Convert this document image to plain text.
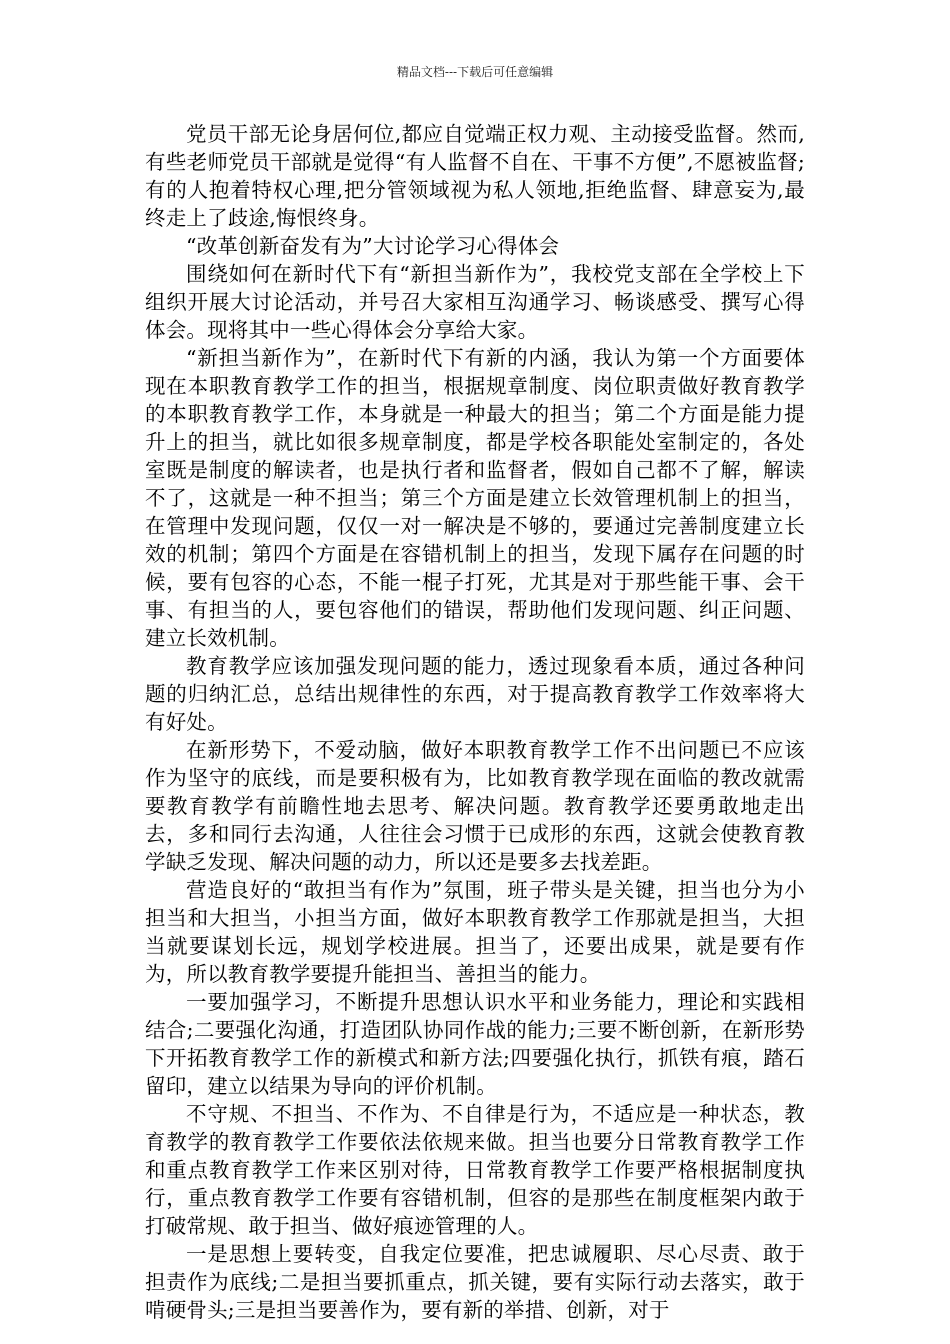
精品文档---下载后可任意编辑

党员干部无论身居何位,都应自觉端正权力观、主动接受监督。然而,有些老师党员干部就是觉得“有人监督不自在、干事不方便”,不愿被监督;有的人抱着特权心理,把分管领域视为私人领地,拒绝监督、肆意妄为,最终走上了歧途,悔恨终身。

“改革创新奋发有为”大讨论学习心得体会

围绕如何在新时代下有“新担当新作为”，我校党支部在全学校上下组织开展大讨论活动，并号召大家相互沟通学习、畅谈感受、撰写心得体会。现将其中一些心得体会分享给大家。

“新担当新作为”，在新时代下有新的内涵，我认为第一个方面要体现在本职教育教学工作的担当，根据规章制度、岗位职责做好教育教学的本职教育教学工作，本身就是一种最大的担当；第二个方面是能力提升上的担当，就比如很多规章制度，都是学校各职能处室制定的，各处室既是制度的解读者，也是执行者和监督者，假如自己都不了解，解读不了，这就是一种不担当；第三个方面是建立长效管理机制上的担当，在管理中发现问题，仅仅一对一解决是不够的，要通过完善制度建立长效的机制；第四个方面是在容错机制上的担当，发现下属存在问题的时候，要有包容的心态，不能一棍子打死，尤其是对于那些能干事、会干事、有担当的人，要包容他们的错误，帮助他们发现问题、纠正问题、建立长效机制。

教育教学应该加强发现问题的能力，透过现象看本质，通过各种问题的归纳汇总，总结出规律性的东西，对于提高教育教学工作效率将大有好处。

在新形势下，不爱动脑，做好本职教育教学工作不出问题已不应该作为坚守的底线，而是要积极有为，比如教育教学现在面临的教改就需要教育教学有前瞻性地去思考、解决问题。教育教学还要勇敢地走出去，多和同行去沟通，人往往会习惯于已成形的东西，这就会使教育教学缺乏发现、解决问题的动力，所以还是要多去找差距。

营造良好的“敢担当有作为”氛围，班子带头是关键，担当也分为小担当和大担当，小担当方面，做好本职教育教学工作那就是担当，大担当就要谋划长远，规划学校进展。担当了，还要出成果，就是要有作为，所以教育教学要提升能担当、善担当的能力。

一要加强学习，不断提升思想认识水平和业务能力，理论和实践相结合;二要强化沟通，打造团队协同作战的能力;三要不断创新，在新形势下开拓教育教学工作的新模式和新方法;四要强化执行，抓铁有痕，踏石留印，建立以结果为导向的评价机制。

不守规、不担当、不作为、不自律是行为，不适应是一种状态，教育教学的教育教学工作要依法依规来做。担当也要分日常教育教学工作和重点教育教学工作来区别对待，日常教育教学工作要严格根据制度执行，重点教育教学工作要有容错机制，但容的是那些在制度框架内敢于打破常规、敢于担当、做好痕迹管理的人。

一是思想上要转变，自我定位要准，把忠诚履职、尽心尽责、敢于担责作为底线;二是担当要抓重点，抓关键，要有实际行动去落实，敢于啃硬骨头;三是担当要善作为，要有新的举措、创新，对于
